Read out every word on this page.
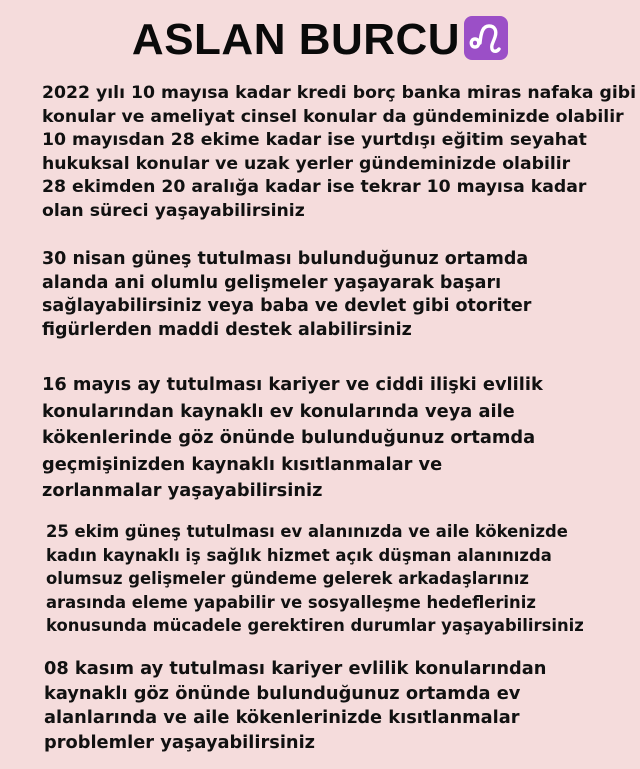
ASLAN BURCU
2022 yılı 10 mayısa kadar kredi borç banka miras nafaka gibi
konular ve ameliyat cinsel konular da gündeminizde olabilir
10 mayısdan 28 ekime kadar ise yurtdışı eğitim seyahat
hukuksal konular ve uzak yerler gündeminizde olabilir
28 ekimden 20 aralığa kadar ise tekrar 10 mayısa kadar
olan süreci yaşayabilirsiniz
30 nisan güneş tutulması bulunduğunuz ortamda
alanda ani olumlu gelişmeler yaşayarak başarı
sağlayabilirsiniz veya baba ve devlet gibi otoriter
figürlerden maddi destek alabilirsiniz
16 mayıs ay tutulması kariyer ve ciddi ilişki evlilik
konularından kaynaklı ev konularında veya aile
kökenlerinde göz önünde bulunduğunuz ortamda
geçmişinizden kaynaklı kısıtlanmalar ve
zorlanmalar yaşayabilirsiniz
25 ekim güneş tutulması ev alanınızda ve aile kökenizde
kadın kaynaklı iş sağlık hizmet açık düşman alanınızda
olumsuz gelişmeler gündeme gelerek arkadaşlarınız
arasında eleme yapabilir ve sosyalleşme hedefleriniz
konusunda mücadele gerektiren durumlar yaşayabilirsiniz
08 kasım ay tutulması kariyer evlilik konularından
kaynaklı göz önünde bulunduğunuz ortamda ev
alanlarında ve aile kökenlerinizde kısıtlanmalar
problemler yaşayabilirsiniz
